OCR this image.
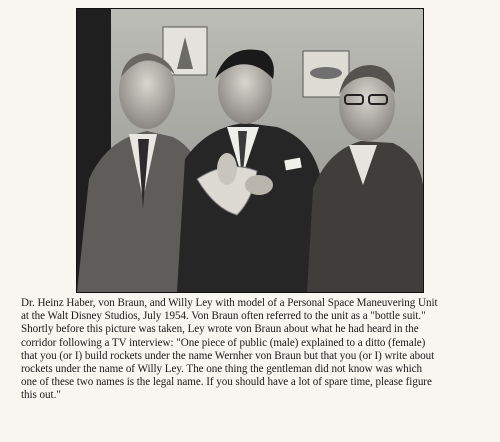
Dr. Heinz Haber, von Braun, and Willy Ley with model of a Personal Space Maneuvering Unit
at the Walt Disney Studios, July 1954. Von Braun often referred to the unit as a "bottle suit."
Shortly before this picture was taken, Ley wrote von Braun about what he had heard in the
corridor following a TV interview: "One piece of public (male) explained to a ditto (female)
that you (or I) build rockets under the name Wernher von Braun but that you (or I) write about
rockets under the name of Willy Ley. The one thing the gentleman did not know was which
one of these two names is the legal name. If you should have a lot of spare time, please figure
this out."
